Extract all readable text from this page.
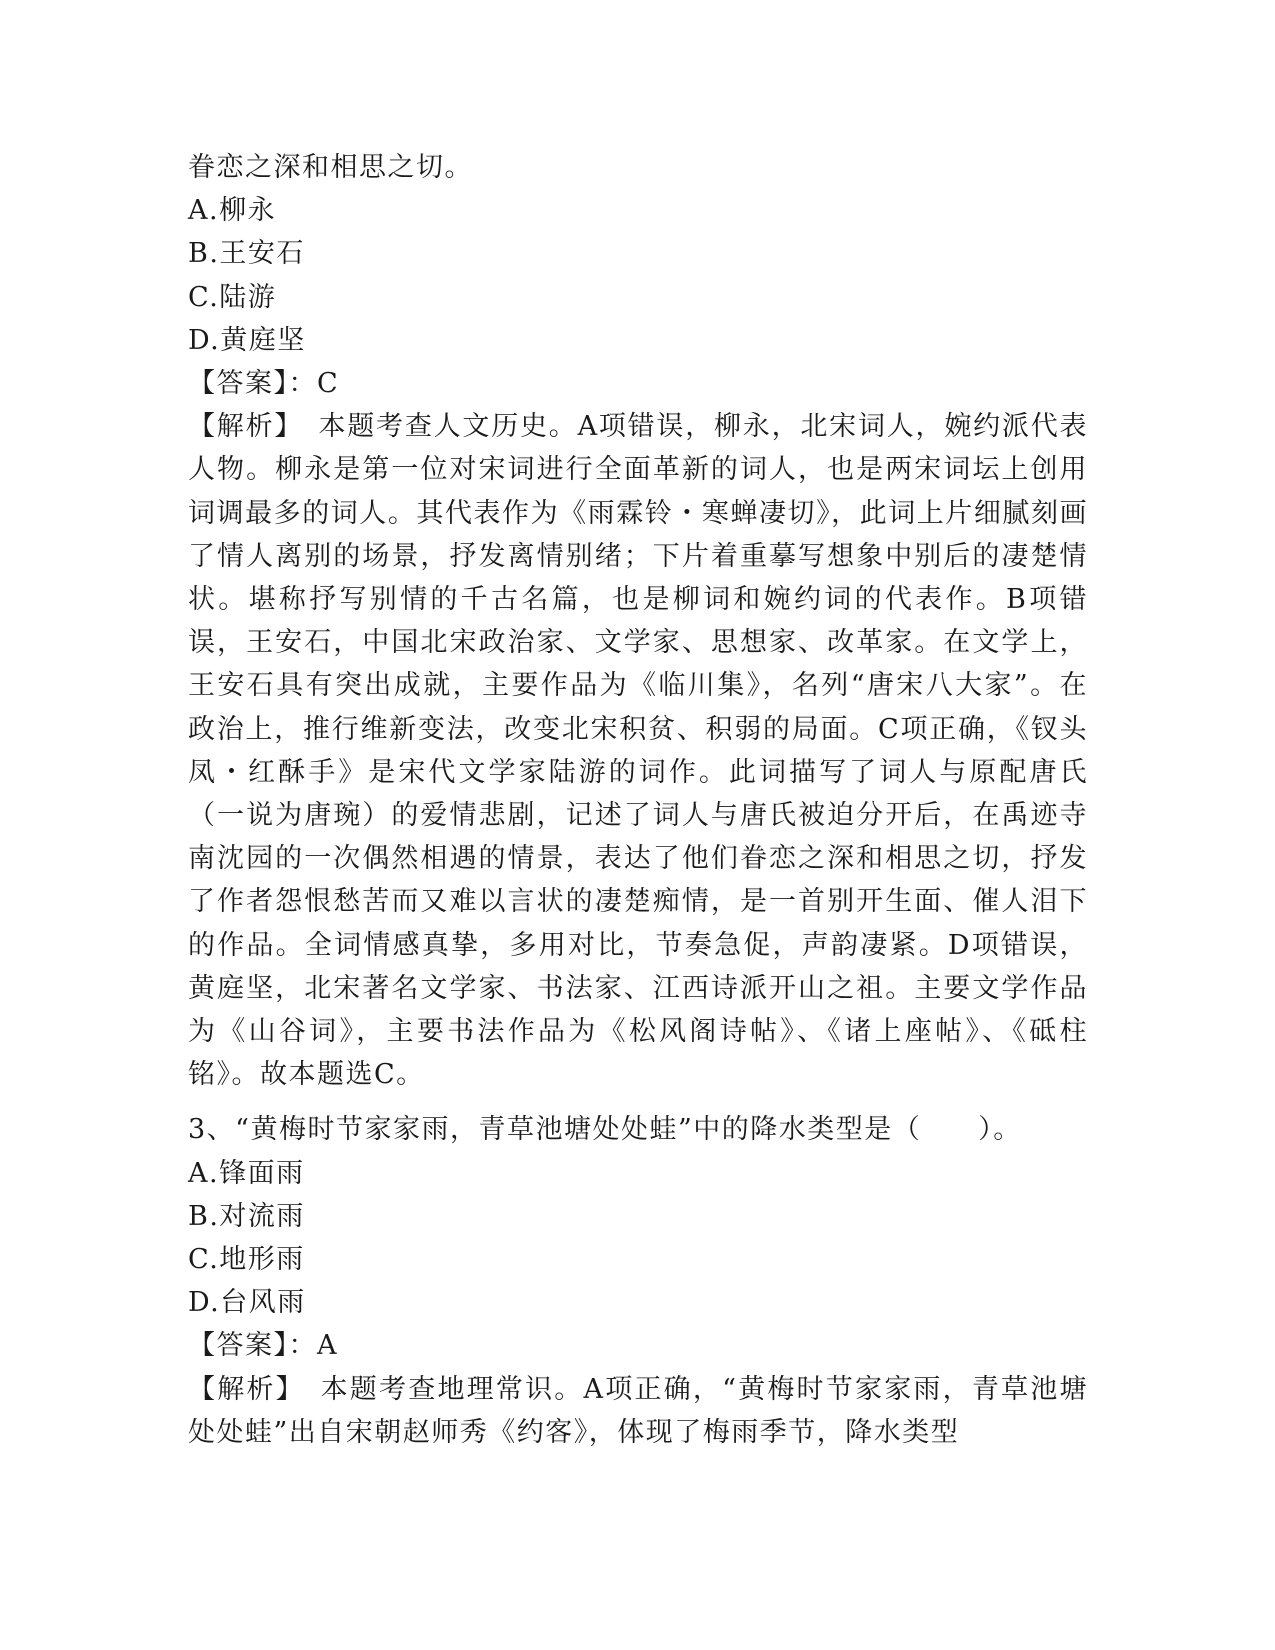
眷恋之深和相思之切。

A.柳永

B.王安石

C.陆游

D.黄庭坚

【答案】：C

【解析】　本题考查人文历史。A项错误，柳永，北宋词人，婉约派代表人物。柳永是第一位对宋词进行全面革新的词人，也是两宋词坛上创用词调最多的词人。其代表作为《雨霖铃・寒蝉凄切》，此词上片细腻刻画了情人离别的场景，抒发离情别绪；下片着重摹写想象中别后的凄楚情状。堪称抒写别情的千古名篇，也是柳词和婉约词的代表作。B项错误，王安石，中国北宋政治家、文学家、思想家、改革家。在文学上，王安石具有突出成就，主要作品为《临川集》，名列“唐宋八大家”。在政治上，推行维新变法，改变北宋积贫、积弱的局面。C项正确，《钗头凤・红酥手》是宋代文学家陆游的词作。此词描写了词人与原配唐氏（一说为唐琬）的爱情悲剧，记述了词人与唐氏被迫分开后，在禹迹寺南沈园的一次偶然相遇的情景，表达了他们眷恋之深和相思之切，抒发了作者怨恨愁苦而又难以言状的凄楚痴情，是一首别开生面、催人泪下的作品。全词情感真挚，多用对比，节奏急促，声韵凄紧。D项错误，黄庭坚，北宋著名文学家、书法家、江西诗派开山之祖。主要文学作品为《山谷词》，主要书法作品为《松风阁诗帖》、《诸上座帖》、《砥柱铭》。故本题选C。

3、“黄梅时节家家雨，青草池塘处处蛙”中的降水类型是（　　）。

A.锋面雨

B.对流雨

C.地形雨

D.台风雨

【答案】：A

【解析】　本题考查地理常识。A项正确，“黄梅时节家家雨，青草池塘处处蛙”出自宋朝赵师秀《约客》，体现了梅雨季节，降水类型
